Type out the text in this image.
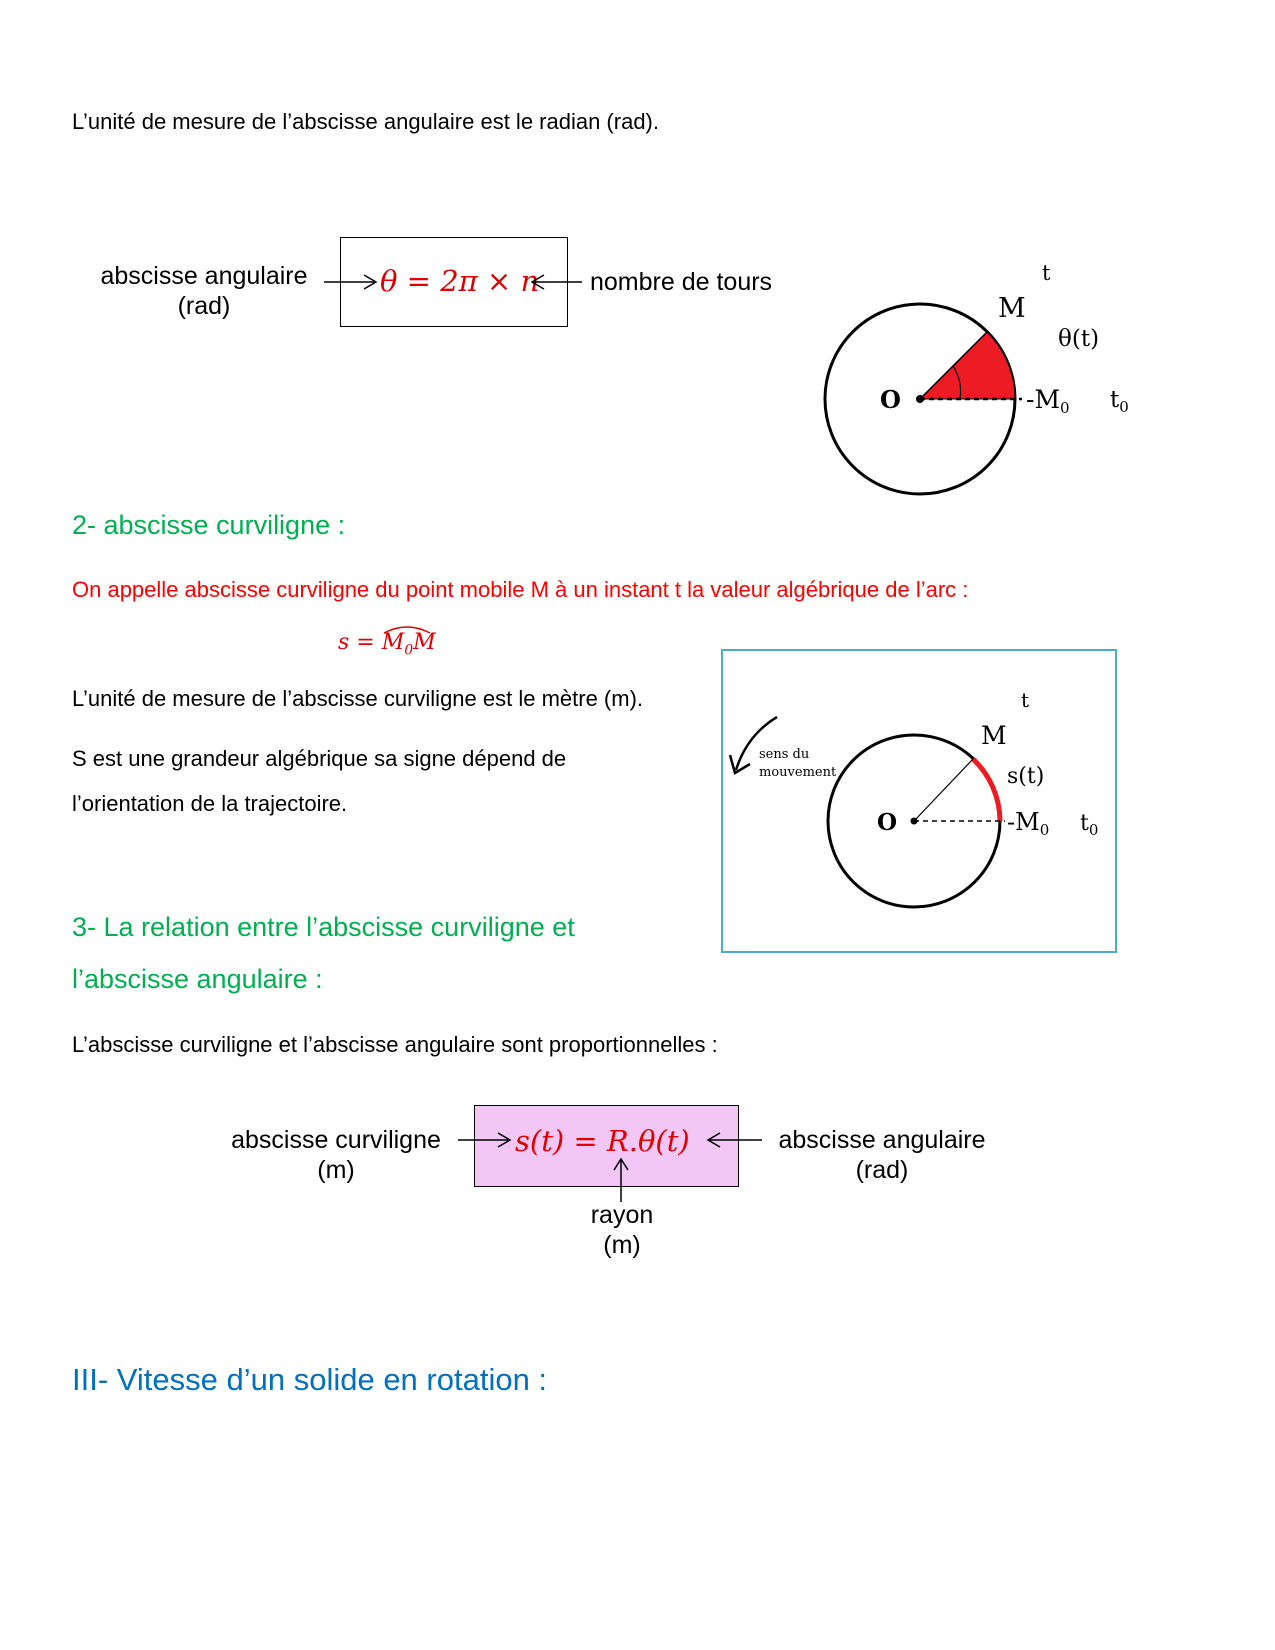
L’unité de mesure de l’abscisse angulaire est le radian (rad).
abscisse angulaire
(rad)
θ = 2π × n nombre de tours	t
M
θ(t)
O	$-M_0$ $t_0$
2- abscisse curviligne :
On appelle abscisse curviligne du point mobile M à un instant t la valeur algébrique de l’arc :
$s = M_0M$
L’unité de mesure de l’abscisse curviligne est le mètre (m).
S est une grandeur algébrique sa signe dépend de
l’orientation de la trajectoire.
sens du
mouvement
t
M
s(t)
O	$-M_0$ $t_0$
3- La relation entre l’abscisse curviligne et
l’abscisse angulaire :
L’abscisse curviligne et l’abscisse angulaire sont proportionnelles :
s(t) = R.θ(t)
abscisse curviligne
(m)
abscisse angulaire
(rad)
rayon
(m)
III- Vitesse d’un solide en rotation :
